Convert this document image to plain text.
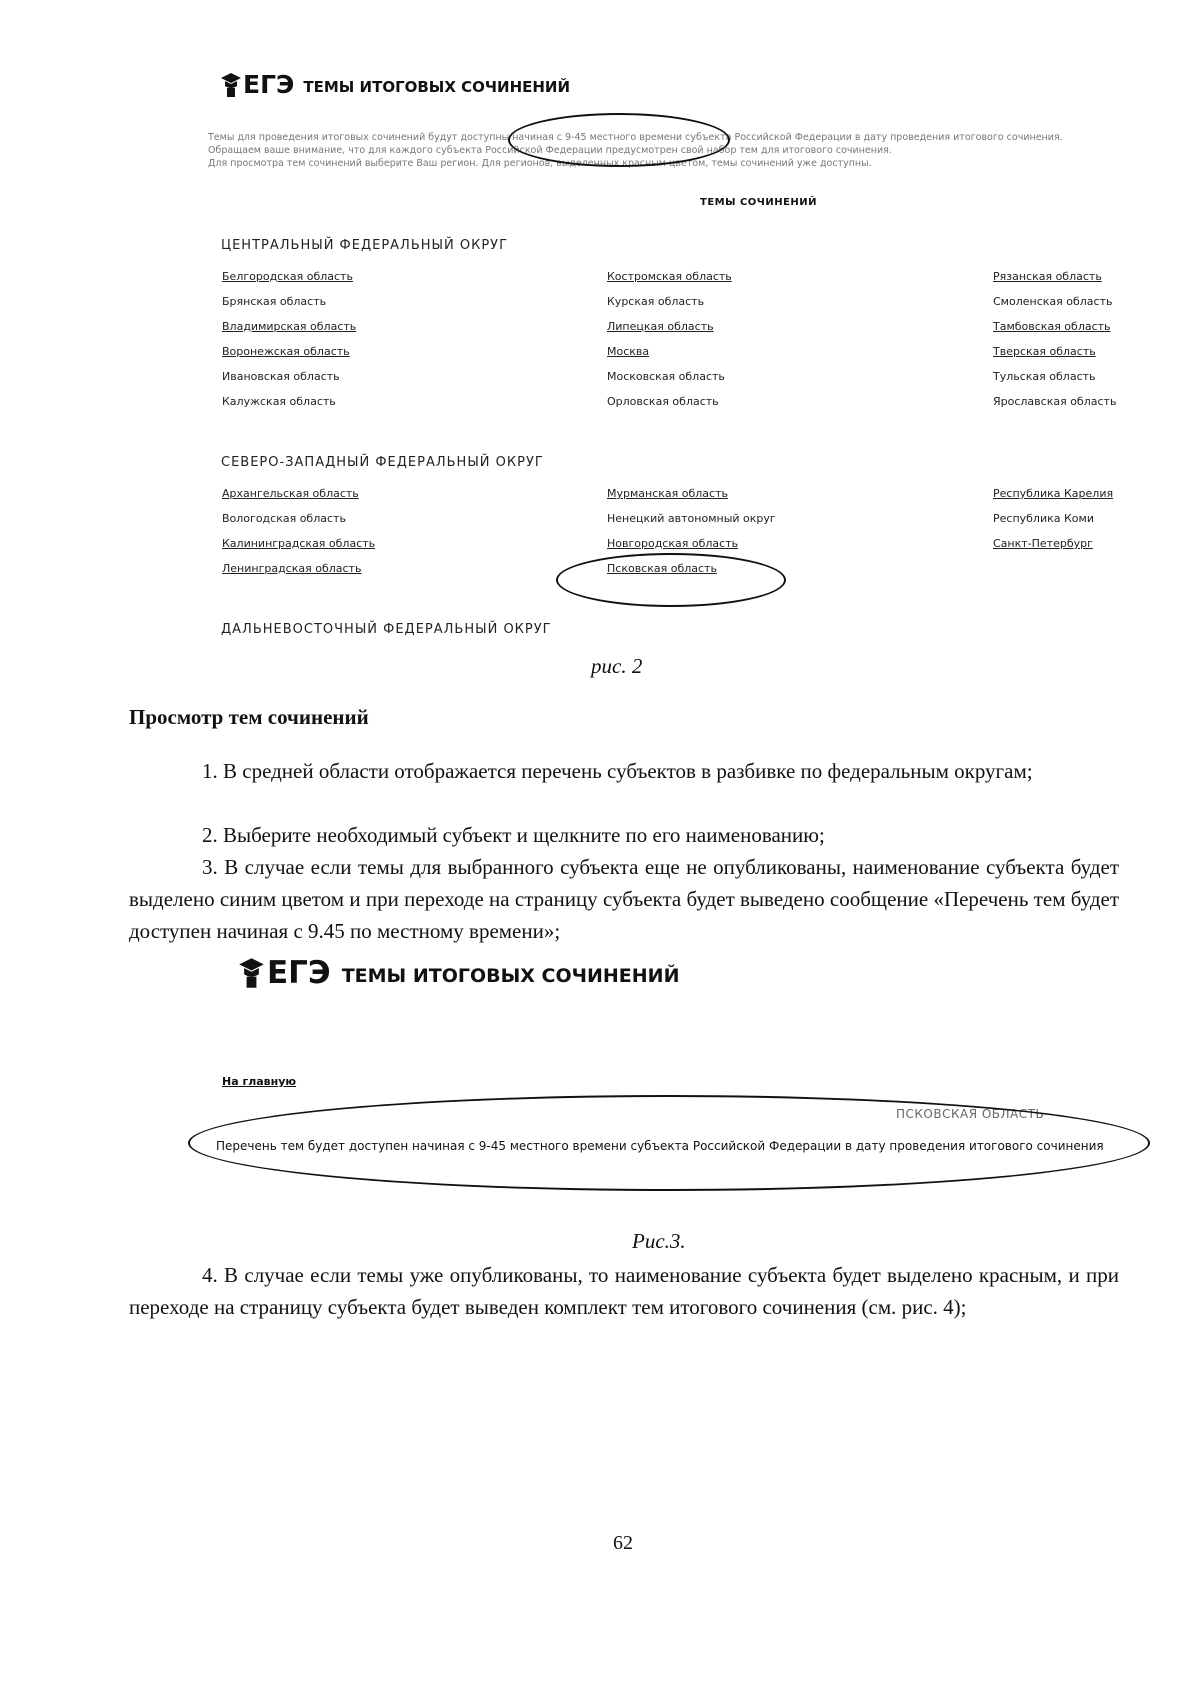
ЕГЭ ТЕМЫ ИТОГОВЫХ СОЧИНЕНИЙ
Темы для проведения итоговых сочинений будут доступны начиная с 9-45 местного времени субъекта Российской Федерации в дату проведения итогового сочинения.
Обращаем ваше внимание, что для каждого субъекта Российской Федерации предусмотрен свой набор тем для итогового сочинения.
Для просмотра тем сочинений выберите Ваш регион. Для регионов, выделенных красным цветом, темы сочинений уже доступны.
ТЕМЫ СОЧИНЕНИЙ
ЦЕНТРАЛЬНЫЙ ФЕДЕРАЛЬНЫЙ ОКРУГ
Белгородская область
Брянская область
Владимирская область
Воронежская область
Ивановская область
Калужская область
Костромская область
Курская область
Липецкая область
Москва
Московская область
Орловская область
Рязанская область
Смоленская область
Тамбовская область
Тверская область
Тульская область
Ярославская область
СЕВЕРО-ЗАПАДНЫЙ ФЕДЕРАЛЬНЫЙ ОКРУГ
Архангельская область
Вологодская область
Калининградская область
Ленинградская область
Мурманская область
Ненецкий автономный округ
Новгородская область
Псковская область
Республика Карелия
Республика Коми
Санкт-Петербург
ДАЛЬНЕВОСТОЧНЫЙ ФЕДЕРАЛЬНЫЙ ОКРУГ
рис. 2
Просмотр тем сочинений
1. В средней области отображается перечень субъектов в разбивке по федеральным округам;
2. Выберите необходимый субъект и щелкните по его наименованию;
3. В случае если темы для выбранного субъекта еще не опубликованы, наименование субъекта будет выделено синим цветом и при переходе на страницу субъекта будет выведено сообщение «Перечень тем будет доступен начиная с 9.45 по местному времени»;
ЕГЭ ТЕМЫ ИТОГОВЫХ СОЧИНЕНИЙ
На главную
ПСКОВСКАЯ ОБЛАСТЬ
Перечень тем будет доступен начиная с 9-45 местного времени субъекта Российской Федерации в дату проведения итогового сочинения
Рис.3.
4. В случае если темы уже опубликованы, то наименование субъекта будет выделено красным, и при переходе на страницу субъекта будет выведен комплект тем итогового сочинения (см. рис. 4);
62
